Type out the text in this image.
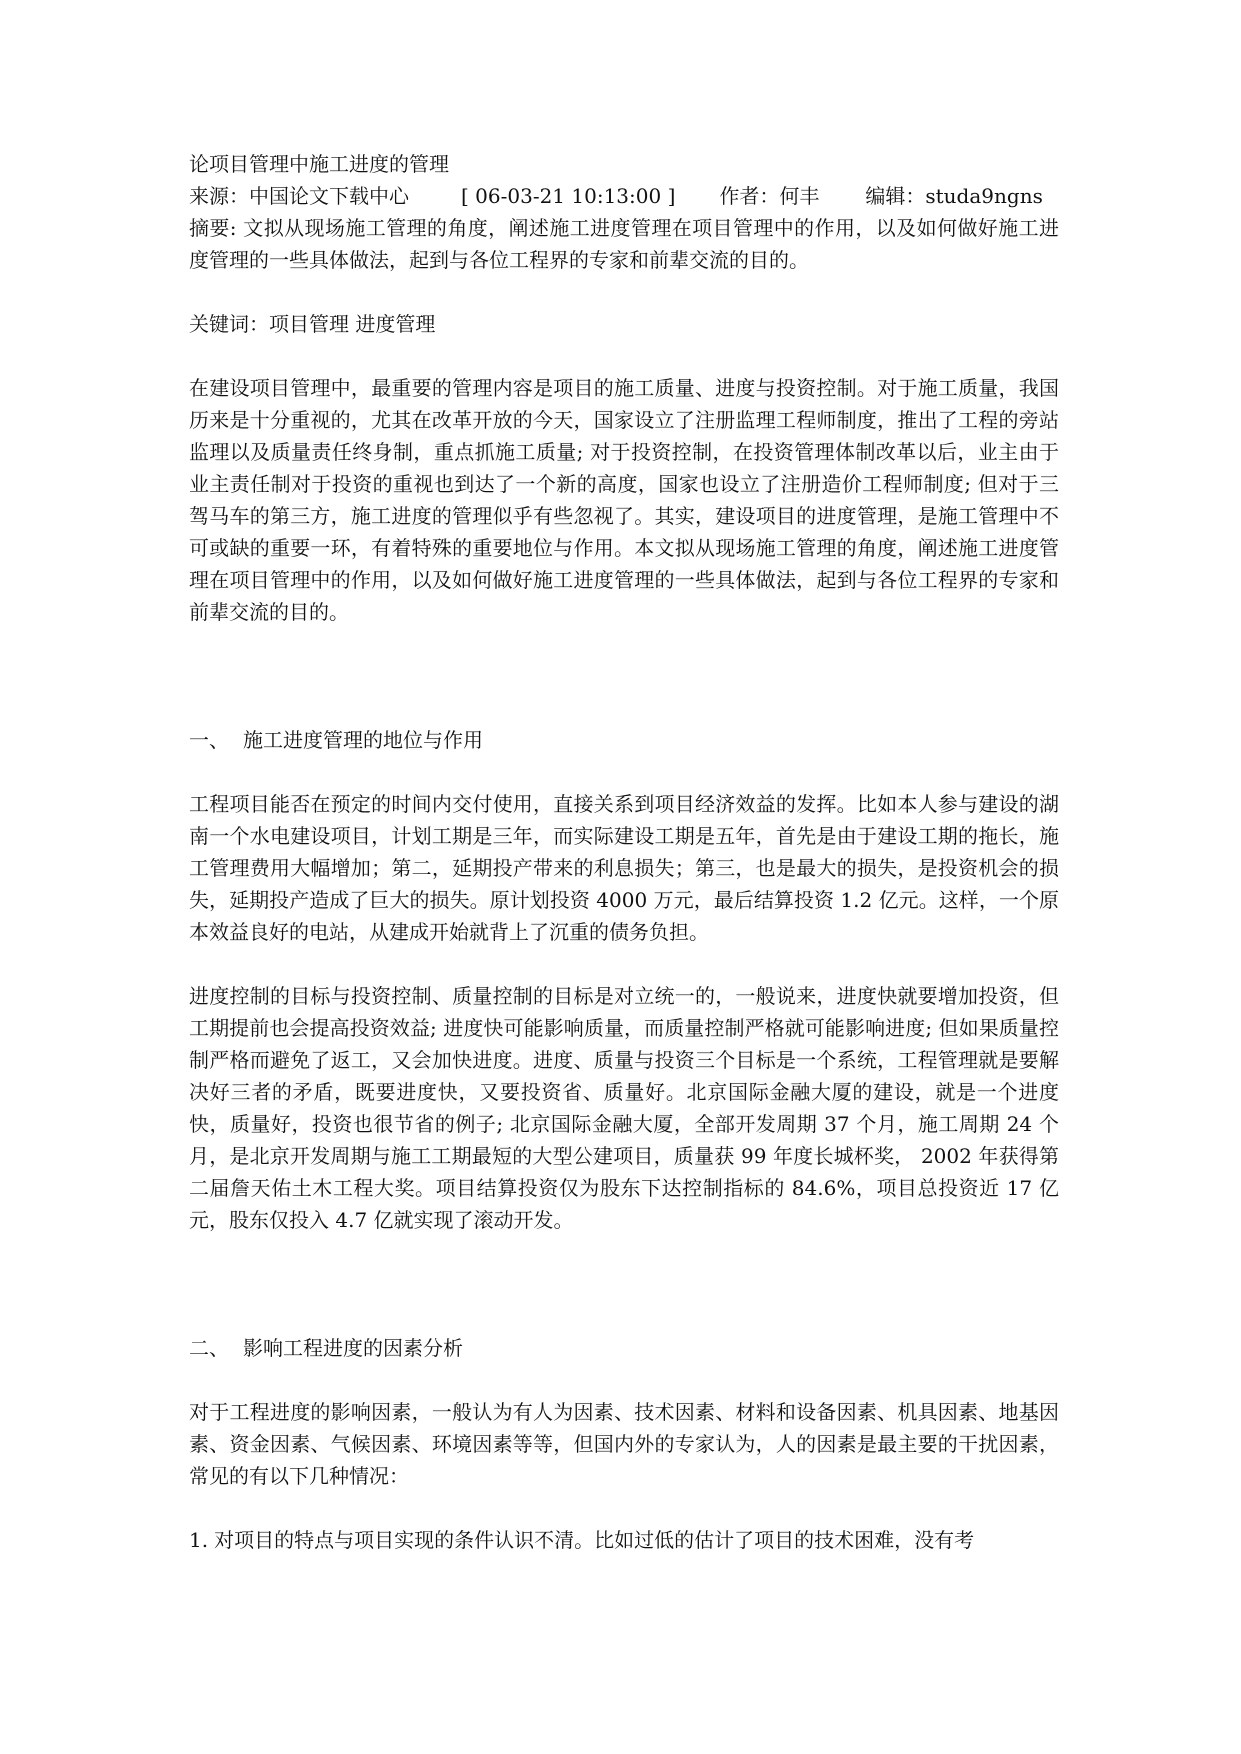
论项目管理中施工进度的管理

来源：中国论文下载中心	[ 06-03-21 10:13:00 ] 作者：何丰 编辑：studa9ngns

摘要: 文拟从现场施工管理的角度，阐述施工进度管理在项目管理中的作用，以及如何做好施工进度管理的一些具体做法，起到与各位工程界的专家和前辈交流的目的。

关键词：项目管理 进度管理

在建设项目管理中，最重要的管理内容是项目的施工质量、进度与投资控制。对于施工质量，我国历来是十分重视的，尤其在改革开放的今天，国家设立了注册监理工程师制度，推出了工程的旁站监理以及质量责任终身制，重点抓施工质量; 对于投资控制，在投资管理体制改革以后，业主由于业主责任制对于投资的重视也到达了一个新的高度，国家也设立了注册造价工程师制度; 但对于三驾马车的第三方，施工进度的管理似乎有些忽视了。其实，建设项目的进度管理，是施工管理中不可或缺的重要一环，有着特殊的重要地位与作用。本文拟从现场施工管理的角度，阐述施工进度管理在项目管理中的作用，以及如何做好施工进度管理的一些具体做法，起到与各位工程界的专家和前辈交流的目的。

一、 施工进度管理的地位与作用

工程项目能否在预定的时间内交付使用，直接关系到项目经济效益的发挥。比如本人参与建设的湖南一个水电建设项目，计划工期是三年，而实际建设工期是五年，首先是由于建设工期的拖长，施工管理费用大幅增加；第二，延期投产带来的利息损失；第三，也是最大的损失，是投资机会的损失，延期投产造成了巨大的损失。原计划投资 4000 万元，最后结算投资 1.2 亿元。这样，一个原本效益良好的电站，从建成开始就背上了沉重的债务负担。

进度控制的目标与投资控制、质量控制的目标是对立统一的，一般说来，进度快就要增加投资，但工期提前也会提高投资效益; 进度快可能影响质量，而质量控制严格就可能影响进度; 但如果质量控制严格而避免了返工，又会加快进度。进度、质量与投资三个目标是一个系统，工程管理就是要解决好三者的矛盾，既要进度快，又要投资省、质量好。北京国际金融大厦的建设，就是一个进度快，质量好，投资也很节省的例子; 北京国际金融大厦，全部开发周期 37 个月，施工周期 24 个月，是北京开发周期与施工工期最短的大型公建项目，质量获 99 年度长城杯奖， 2002 年获得第二届詹天佑土木工程大奖。项目结算投资仅为股东下达控制指标的 84.6%，项目总投资近 17 亿元，股东仅投入 4.7 亿就实现了滚动开发。

二、 影响工程进度的因素分析

对于工程进度的影响因素，一般认为有人为因素、技术因素、材料和设备因素、机具因素、地基因素、资金因素、气候因素、环境因素等等，但国内外的专家认为，人的因素是最主要的干扰因素，常见的有以下几种情况：

1. 对项目的特点与项目实现的条件认识不清。比如过低的估计了项目的技术困难，没有考
